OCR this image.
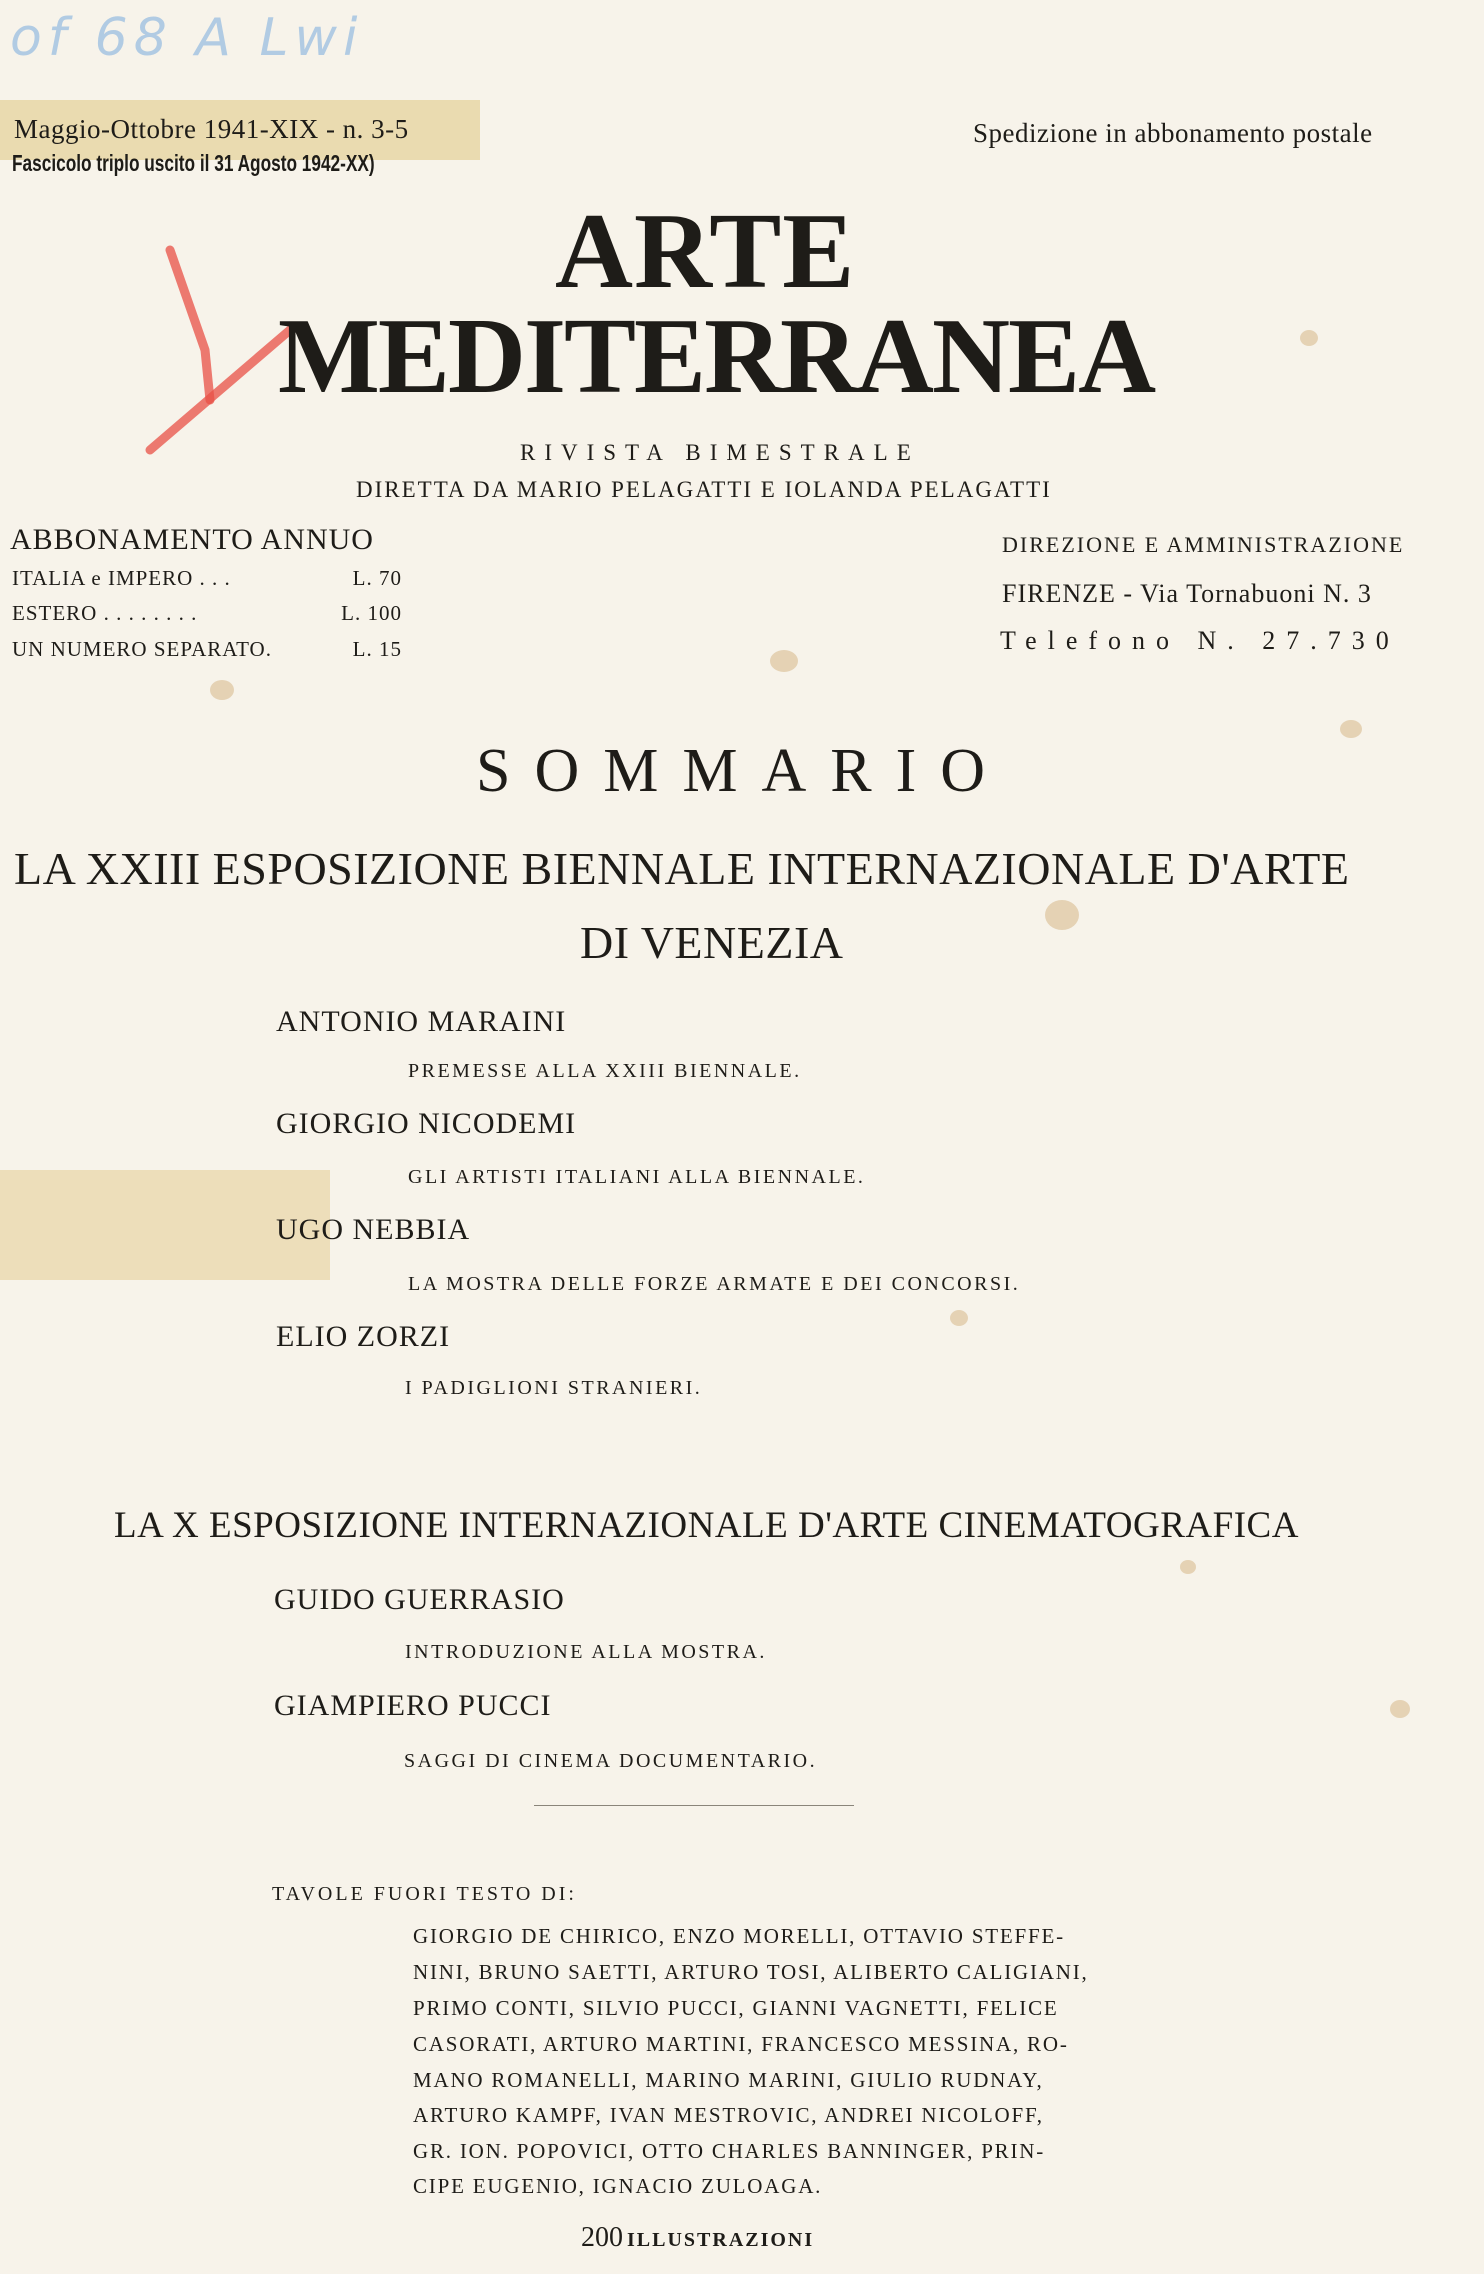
of 68 A Lwi
Maggio-Ottobre 1941-XIX - n. 3-5
Fascicolo triplo uscito il 31 Agosto 1942-XX)
Spedizione in abbonamento postale
ARTE
MEDITERRANEA
RIVISTA BIMESTRALE
DIRETTA DA MARIO PELAGATTI E IOLANDA PELAGATTI
ABBONAMENTO ANNUO
ITALIA e IMPERO . . .	L. 70
ESTERO . . . . . . . .	L. 100
UN NUMERO SEPARATO.	L. 15
DIREZIONE E AMMINISTRAZIONE
FIRENZE - Via Tornabuoni N. 3
Telefono N. 27.730
SOMMARIO
LA XXIII ESPOSIZIONE BIENNALE INTERNAZIONALE D'ARTE
DI VENEZIA
ANTONIO MARAINI
PREMESSE ALLA XXIII BIENNALE.
GIORGIO NICODEMI
GLI ARTISTI ITALIANI ALLA BIENNALE.
UGO NEBBIA
LA MOSTRA DELLE FORZE ARMATE E DEI CONCORSI.
ELIO ZORZI
I PADIGLIONI STRANIERI.
LA X ESPOSIZIONE INTERNAZIONALE D'ARTE CINEMATOGRAFICA
GUIDO GUERRASIO
INTRODUZIONE ALLA MOSTRA.
GIAMPIERO PUCCI
SAGGI DI CINEMA DOCUMENTARIO.
TAVOLE FUORI TESTO DI:
GIORGIO DE CHIRICO, ENZO MORELLI, OTTAVIO STEFFE-
NINI, BRUNO SAETTI, ARTURO TOSI, ALIBERTO CALIGIANI,
PRIMO CONTI, SILVIO PUCCI, GIANNI VAGNETTI, FELICE
CASORATI, ARTURO MARTINI, FRANCESCO MESSINA, RO-
MANO ROMANELLI, MARINO MARINI, GIULIO RUDNAY,
ARTURO KAMPF, IVAN MESTROVIC, ANDREI NICOLOFF,
GR. ION. POPOVICI, OTTO CHARLES BANNINGER, PRIN-
CIPE EUGENIO, IGNACIO ZULOAGA.
200 ILLUSTRAZIONI
